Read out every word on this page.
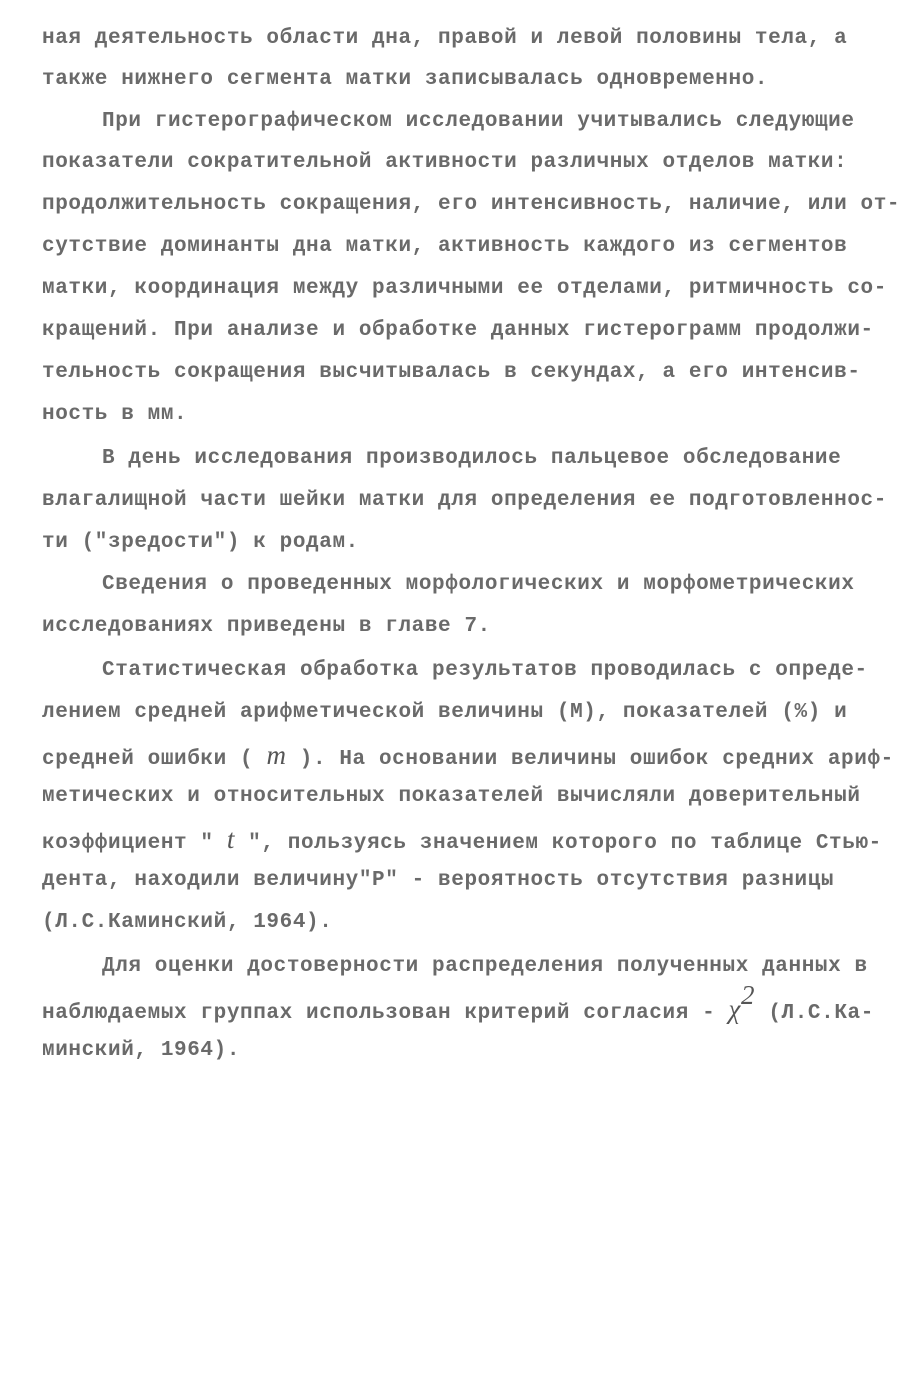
ная деятельность области дна, правой и левой половины тела, а
также нижнего сегмента матки записывалась одновременно.
При гистерографическом исследовании учитывались следующие
показатели сократительной активности различных отделов матки:
продолжительность сокращения, его интенсивность, наличие, или от-
сутствие доминанты дна матки, активность каждого из сегментов
матки, координация между различными ее отделами, ритмичность со-
кращений. При анализе и обработке данных гистерограмм продолжи-
тельность сокращения высчитывалась в секундах, а его интенсив-
ность в мм.
В день исследования производилось пальцевое обследование
влагалищной части шейки матки для определения ее подготовленнос-
ти ("зредости") к родам.
Сведения о проведенных морфологических и морфометрических
исследованиях приведены в главе 7.
Статистическая обработка результатов проводилась с опреде-
лением средней арифметической величины (М), показателей (%) и
средней ошибки ( m ). На основании величины ошибок средних ариф-
метических и относительных показателей вычисляли доверительный
коэффициент " t ", пользуясь значением которого по таблице Стью-
дента, находили величину"Р" - вероятность отсутствия разницы
(Л.С.Каминский, 1964).
Для оценки достоверности распределения полученных данных в
наблюдаемых группах использован критерий согласия - $\chi^2$ (Л.С.Ка-
минский, 1964).
